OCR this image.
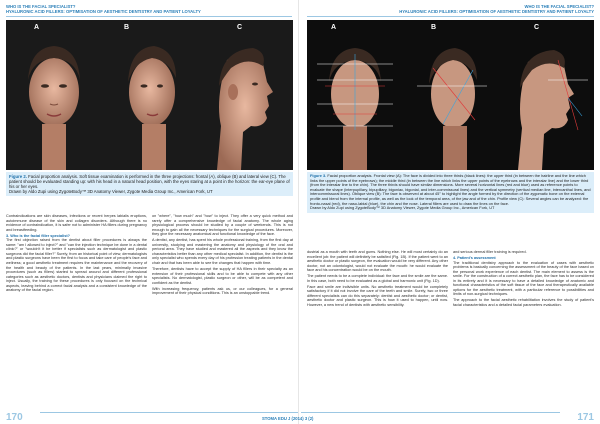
WHO IS THE FACIAL SPECIALIST?
HYALURONIC ACID FILLERS: OPTIMISATION OF AESTHETIC DENTISTRY AND PATIENT LOYALTY
A	B	C
Figure 2. Facial proportion analysis. Soft tissue examination is performed in the three projections: frontal (A), oblique (B) and lateral view (C). The patient should be evaluated standing up: with his head in a natural head position, with the eyes staring at a point in the horizon: the ear-eye plane of his or her eyes.
Drawn by Aldo Zupi using ZygoteBody™ 3D Anatomy Viewer, Zygote Media Group Inc., American Fork, UT

Contraindications are skin diseases, infections or recent herpes labialis eruptions, autoimmune disease of the skin and collagen disorders. Although there is no evidence of contraindication, it is safer not to administer HA fillers during pregnancy and breastfeeding.

3. Who is the facial filler specialist?

The first objection raised from the dentist about filler procedures is always the same: "am I allowed to inject?" and "can the injection technique be done in a dental clinic?" or "wouldn't it be better if specialists such as dermatologist and plastic surgeons did the facial filler?" Surely, from an historical point of view, dermatologists and plastic surgeons have been the first to focus and take care of people's face and wellness; a good aesthetic treatment requires the maintenance and the recovery of the health and beauty of the patients. In the last years, minimally invasive procedures (such as fillers) started to spread around and different professional categories such as aesthetic doctors, dentists and physicians claimed the right to inject. Usually, the training for these procedures is only focused on the technical aspects, leaving behind a correct facial analysis and a consistent knowledge of the anatomy of the facial region.

on "where", "how much" and "how" to inject. They offer a very quick method and rarely offer a comprehensive knowledge of facial anatomy. The whole aging physiological process should be studied by a couple of weekends. This is not enough to gain all the necessary techniques for the surgical procedures. Moreover, they give the necessary anatomical and functional knowledge of the face.

A dentist, any dentist, has spent his whole professional training, from the first day at university, studying and mastering the anatomy and physiology of the oral and perioral area. They have studied and mastered all the aspects and they know the characteristics better than any other medical specialist. In addition, the dentist is the only specialist who spends every day of his profession treating patients in the dental chair and that has been able to see the changes that happen with time.

Therefore, dentists have to accept the supply of HA fillers in their specialty as an extension of their professional skills and to be able to compete with any other specialists. No dermatologist, plastic surgeon or other, will be as competent and confident as the dentist.

With increasing frequency, patients ask us, or our colleagues, for a general improvement of their physical conditions. This is an unstoppable trend.

170
WHO IS THE FACIAL SPECIALIST?
HYALURONIC ACID FILLERS: OPTIMISATION OF AESTHETIC DENTISTRY AND PATIENT LOYALTY
A	B	C
Figure 3. Facial proportion analysis. Frontal view (A): The face is divided into three thirds (black lines): the upper third (in between the hairline and the line which links the upper points of the eyebrows); the middle third (in between the line which links the upper points of the eyebrows and the interalar line) and the lower third (from the interalar line to the chin). The three thirds should have similar dimensions. More several horizontal lines (red and blue) used as reference points to evaluate the shape (interpupillary, bipupillary, bigoniac, bigonial, and inter-commissural lines) and the vertical symmetry (vertical median line, intercanthal lines, and intercommissural lines). Oblique view (B): The face is observed at about 45° to highlight the angle formed by the direction of the zygomatic bone on the external profile and blend from the internal profile, as well as the look of the temporal area, of the jaw and of the chin. Profile view (C): Several angles can be analyzed: the fronto-nasal (red), the naso-labial (blue), the chin and the nose. Lateral fillers are used to draw the lines on the face.
Drawn by Aldo Zupi using ZygoteBody™ 3D Anatomy Viewer, Zygote Media Group Inc., American Fork, UT

dustrial as a mouth with teeth and gums. Nothing else. He will most certainly do an excellent job: the patient will definitely be satisfied (Fig. 1B). If the patient went to an aesthetic doctor or plastic surgeon, the evaluation would be very different. Any other doctor, not an odontologist, would not evaluate the mouth: he would evaluate the face and his concentration would be on the mouth.

The patient needs to be a complete individual: the face and the smile are the same. In this case, both need to be evaluated as a global and harmonic unit (Fig. 1D).

Face and smile are indivisible units. No aesthetic treatment would be completely satisfactory if it did not involve the care of the teeth and smile. Surely, two or three different specialists can do this separately: dentist and aesthetic doctor; or dentist, aesthetic doctor and plastic surgeon. This is how it used to happen, until now. However, a new trend of dentists with aesthetic sensibility.

and serious dermal filler training is required.

4. Patient's assessment

The traditional dentistry approach to the evaluation of cases with aesthetic problems is basically concerning the assessment of the beauty of the face based on the personal work experience of each dentist. The main element to assess is the smile. For the construction of a correct aesthetic plan, the face has to be considered in its entirety and it is necessary to have a detailed knowledge of anatomic and functional characteristics of the soft tissue of the face and therapeutically available options for the aesthetic treatment, with a particular reference to possibilities and limits of non-surgical techniques.

The approach to the facial aesthetic rehabilitation involves the study of patient's facial characteristics and a detailed facial parameters evaluation.

171
STOMA EDU J (2014) 3 (2)
